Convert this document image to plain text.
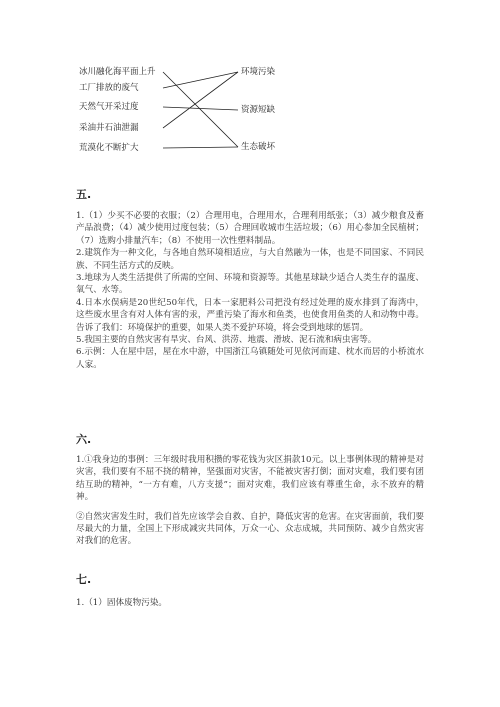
冰川融化海平面上升
工厂排放的废气
天然气开采过度
采油井石油泄漏
荒漠化不断扩大
环境污染
资源短缺
生态破坏
五.

1.（1）少买不必要的衣服；（2）合理用电，合理用水，合理利用纸张；（3）减少粮食及畜产品浪费；（4）减少使用过度包装；（5）合理回收城市生活垃圾；（6）用心参加全民植树；（7）选购小排量汽车；（8）不使用一次性塑料制品。

2.建筑作为一种文化，与各地自然环境相适应，与大自然融为一体，也是不同国家、不同民族、不同生活方式的反映。

3.地球为人类生活提供了所需的空间、环境和资源等。其他星球缺少适合人类生存的温度、氧气、水等。

4.日本水俣病是20世纪50年代，日本一家肥料公司把没有经过处理的废水排到了海湾中，这些废水里含有对人体有害的汞，严重污染了海水和鱼类，也使食用鱼类的人和动物中毒。告诉了我们：环境保护的重要，如果人类不爱护环境，将会受到地球的惩罚。

5.我国主要的自然灾害有旱灾、台风、洪涝、地震、滑坡、泥石流和病虫害等。

6.示例：人在屋中居，屋在水中游，中国浙江乌镇随处可见依河而建、枕水而居的小桥流水人家。

六.

1.①我身边的事例：三年级时我用积攒的零花钱为灾区捐款10元。以上事例体现的精神是对灾害，我们要有不屈不挠的精神，坚强面对灾害，不能被灾害打倒；面对灾难，我们要有团结互助的精神，“一方有难，八方支援”；面对灾难，我们应该有尊重生命，永不放弃的精神。

②自然灾害发生时，我们首先应该学会自救、自护，降低灾害的危害。在灾害面前，我们要尽最大的力量，全国上下形成减灾共同体，万众一心、众志成城，共同预防、减少自然灾害对我们的危害。

七.

1.（1）固体废物污染。
